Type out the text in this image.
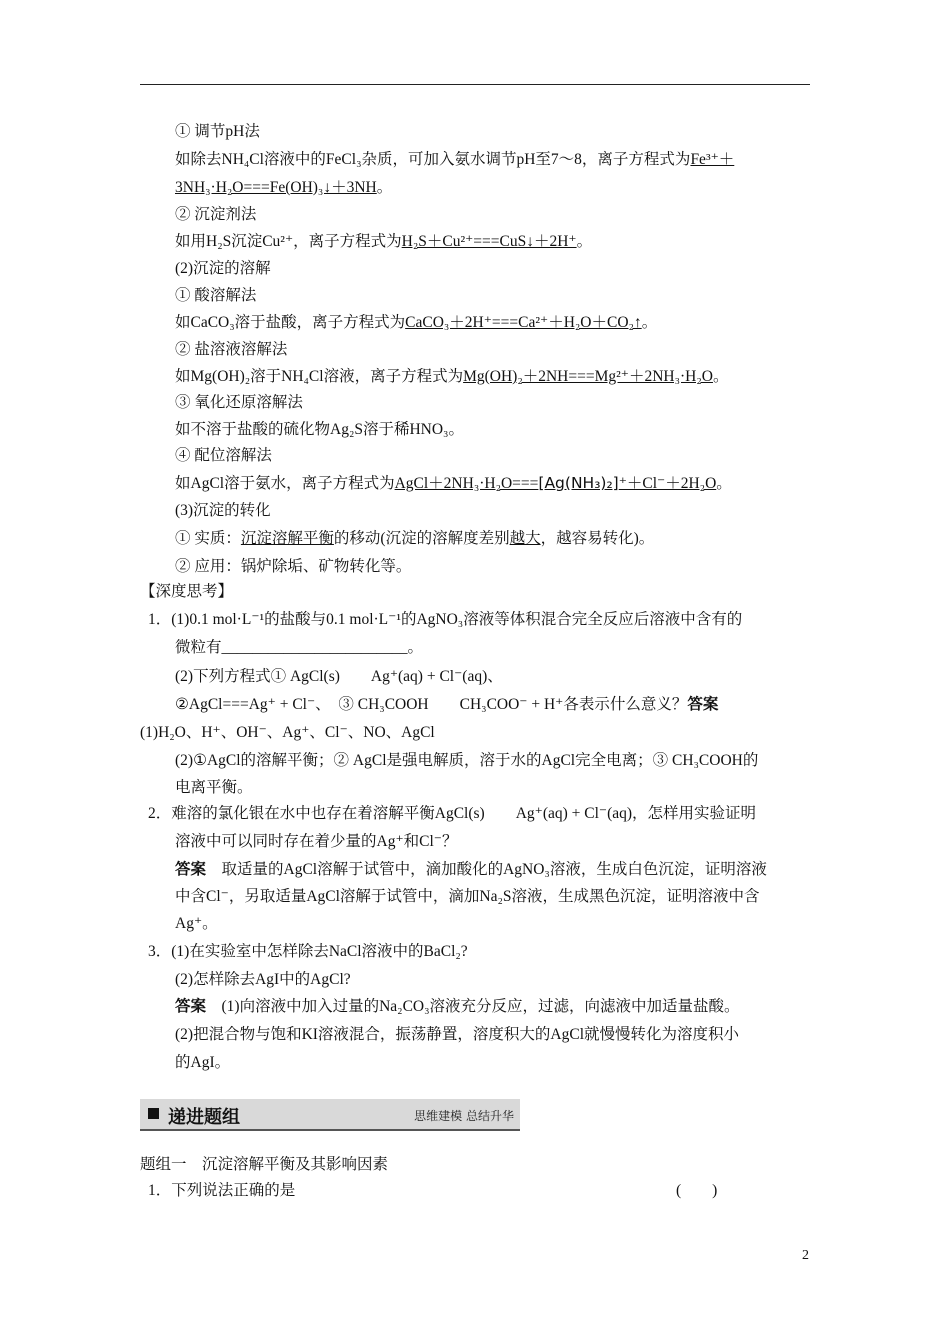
① 调节pH法
如除去NH₄Cl溶液中的FeCl₃杂质，可加入氨水调节pH至7～8，离子方程式为Fe³⁺＋
3NH₃·H₂O===Fe(OH)₃↓＋3NH。
② 沉淀剂法
如用H₂S沉淀Cu²⁺，离子方程式为H₂S＋Cu²⁺===CuS↓＋2H⁺。
(2)沉淀的溶解
① 酸溶解法
如CaCO₃溶于盐酸，离子方程式为CaCO₃＋2H⁺===Ca²⁺＋H₂O＋CO₂↑。
② 盐溶液溶解法
如Mg(OH)₂溶于NH₄Cl溶液，离子方程式为Mg(OH)₂＋2NH===Mg²⁺＋2NH₃·H₂O。
③ 氧化还原溶解法
如不溶于盐酸的硫化物Ag₂S溶于稀HNO₃。
④ 配位溶解法
如AgCl溶于氨水，离子方程式为AgCl＋2NH₃·H₂O===[Ag(NH₃)₂]⁺＋Cl⁻＋2H₂O。
(3)沉淀的转化
① 实质：沉淀溶解平衡的移动(沉淀的溶解度差别越大，越容易转化)。
② 应用：锅炉除垢、矿物转化等。
【深度思考】
1．(1)0.1 mol·L⁻¹的盐酸与0.1 mol·L⁻¹的AgNO₃溶液等体积混合完全反应后溶液中含有的
微粒有________________________。
(2)下列方程式① AgCl(s)　　Ag⁺(aq) + Cl⁻(aq)、
②AgCl===Ag⁺ + Cl⁻、　③ CH₃COOH　　CH₃COO⁻ + H⁺各表示什么意义？答案
(1)H₂O、H⁺、OH⁻、Ag⁺、Cl⁻、NO、AgCl
(2)①AgCl的溶解平衡；② AgCl是强电解质，溶于水的AgCl完全电离；③ CH₃COOH的
电离平衡。
2．难溶的氯化银在水中也存在着溶解平衡AgCl(s)　　Ag⁺(aq) + Cl⁻(aq)，怎样用实验证明
溶液中可以同时存在着少量的Ag⁺和Cl⁻？
答案　取适量的AgCl溶解于试管中，滴加酸化的AgNO₃溶液，生成白色沉淀，证明溶液
中含Cl⁻，另取适量AgCl溶解于试管中，滴加Na₂S溶液，生成黑色沉淀，证明溶液中含
Ag⁺。
3．(1)在实验室中怎样除去NaCl溶液中的BaCl₂?
(2)怎样除去AgI中的AgCl?
答案　(1)向溶液中加入过量的Na₂CO₃溶液充分反应，过滤，向滤液中加适量盐酸。
(2)把混合物与饱和KI溶液混合，振荡静置，溶度积大的AgCl就慢慢转化为溶度积小
的AgI。
题组一　沉淀溶解平衡及其影响因素
1．下列说法正确的是
递进题组	思维建模 总结升华
(　　)
2
